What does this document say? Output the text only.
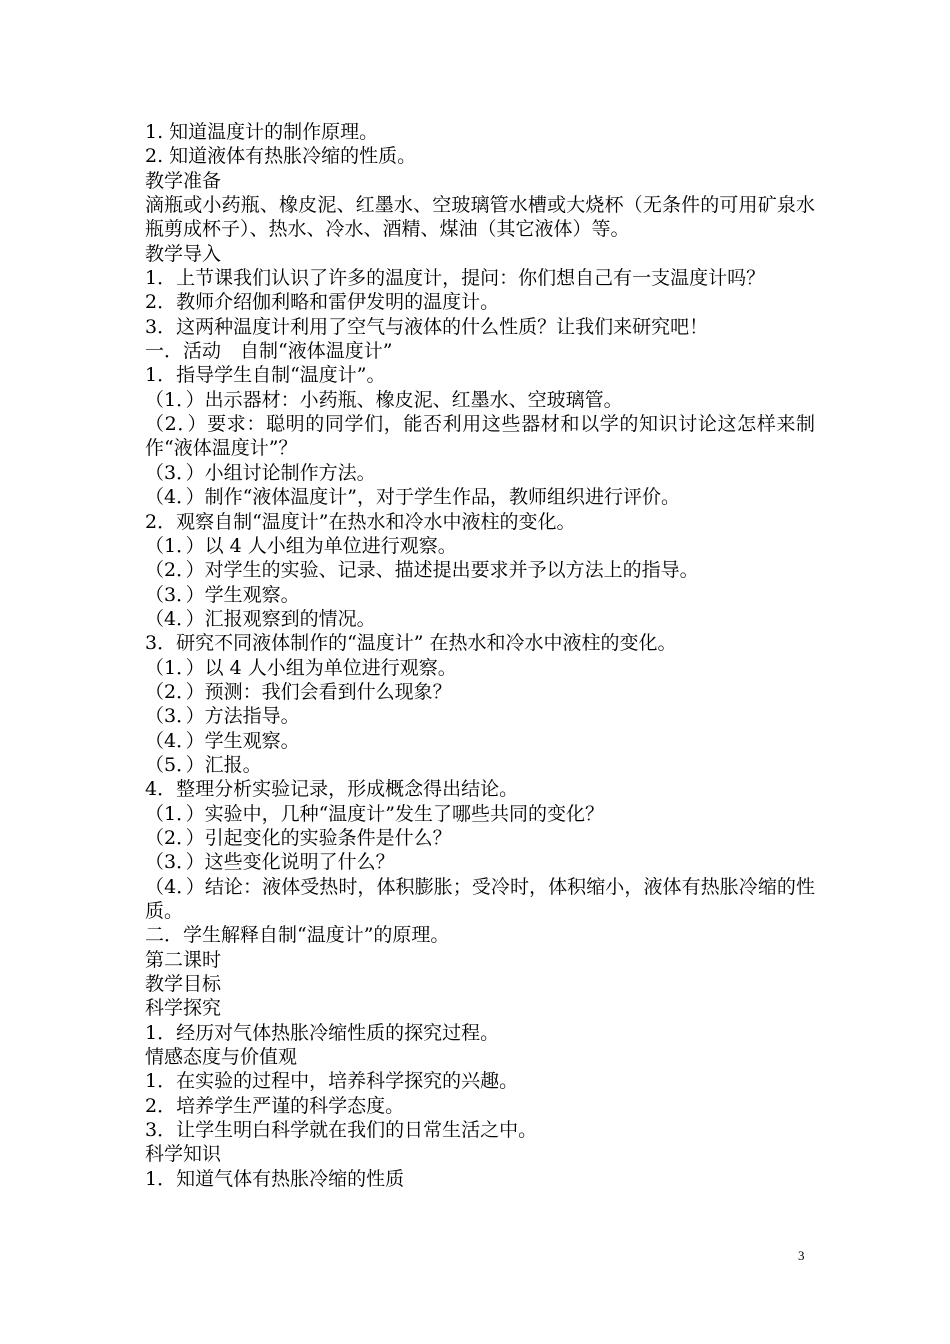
1. 知道温度计的制作原理。

2. 知道液体有热胀冷缩的性质。

教学准备

滴瓶或小药瓶、橡皮泥、红墨水、空玻璃管水槽或大烧杯（无条件的可用矿泉水瓶剪成杯子）、热水、冷水、酒精、煤油（其它液体）等。

教学导入

1．上节课我们认识了许多的温度计，提问：你们想自己有一支温度计吗？

2．教师介绍伽利略和雷伊发明的温度计。

3．这两种温度计利用了空气与液体的什么性质？让我们来研究吧！

一．活动　自制“液体温度计”

1．指导学生自制“温度计”。

（1．）出示器材：小药瓶、橡皮泥、红墨水、空玻璃管。

（2．）要求：聪明的同学们，能否利用这些器材和以学的知识讨论这怎样来制作“液体温度计”？

（3．）小组讨论制作方法。

（4．）制作“液体温度计”，对于学生作品，教师组织进行评价。

2．观察自制“温度计”在热水和冷水中液柱的变化。

（1．）以 4 人小组为单位进行观察。

（2．）对学生的实验、记录、描述提出要求并予以方法上的指导。

（3．）学生观察。

（4．）汇报观察到的情况。

3．研究不同液体制作的“温度计” 在热水和冷水中液柱的变化。

（1．）以 4 人小组为单位进行观察。

（2．）预测：我们会看到什么现象？

（3．）方法指导。

（4．）学生观察。

（5．）汇报。

4．整理分析实验记录，形成概念得出结论。

（1．）实验中，几种“温度计”发生了哪些共同的变化？

（2．）引起变化的实验条件是什么？

（3．）这些变化说明了什么？

（4．）结论：液体受热时，体积膨胀；受冷时，体积缩小，液体有热胀冷缩的性质。

二．学生解释自制“温度计”的原理。

第二课时

教学目标

科学探究

1．经历对气体热胀冷缩性质的探究过程。

情感态度与价值观

1．在实验的过程中，培养科学探究的兴趣。

2．培养学生严谨的科学态度。

3．让学生明白科学就在我们的日常生活之中。

科学知识

1．知道气体有热胀冷缩的性质

3
